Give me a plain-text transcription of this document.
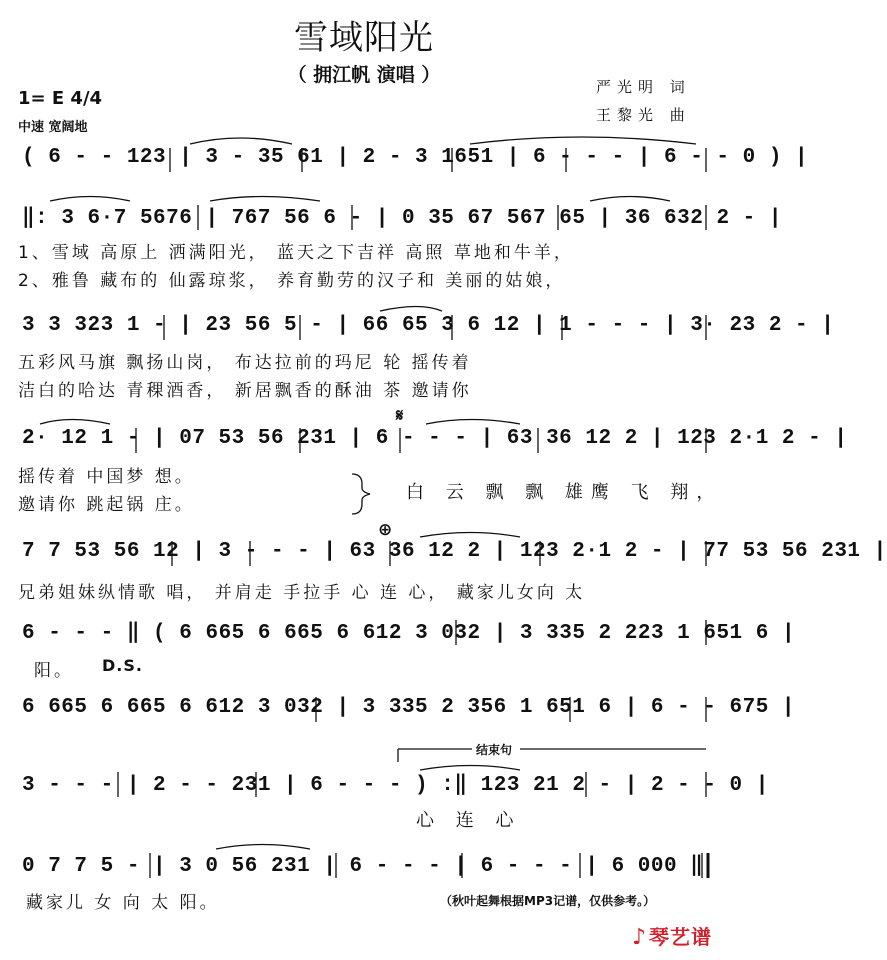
雪域阳光
（ 拥江帆 演唱 ）
严光明 词
王黎光 曲
1= E 4/4
中速 宽阔地
( 6 - - 123 | 3 - 35 61 | 2 - 3 1651 | 6 - - - | 6 - - 0 ) |
‖: 3 6·7 5676 | 767 56 6 - | 0 35 67 567 65 | 36 632 2 - |
1、雪域 高原上 洒满阳光， 蓝天之下吉祥 高照 草地和牛羊，
2、雅鲁 藏布的 仙露琼浆， 养育勤劳的汉子和 美丽的姑娘，
3 3 323 1 - | 23 56 5 - | 66 65 3 6 12 | 1 - - - | 3· 23 2 - |
五彩风马旗 飘扬山岗， 布达拉前的玛尼 轮 摇传着
洁白的哈达 青稞酒香， 新居飘香的酥油 茶 邀请你
𝄋
2· 12 1 - | 07 53 56 231 | 6 - - - | 63 36 12 2 | 123 2·1 2 - |
摇传着 中国梦 想。
邀请你 跳起锅 庄。
白 云 飘 飘 雄鹰 飞 翔，
⊕
7 7 53 56 12 | 3 - - - | 63 36 12 2 | 123 2·1 2 - | 77 53 56 231 |
兄弟姐妹纵情歌 唱， 并肩走 手拉手 心 连 心， 藏家儿女向 太
6 - - - ‖ ( 6 665 6 665 6 612 3 032 | 3 335 2 223 1 651 6 |
阳。 D.S.
6 665 6 665 6 612 3 032 | 3 335 2 356 1 651 6 | 6 - - 675 |
结束句
3 - - - | 2 - - 231 | 6 - - - ) :‖ 123 21 2 - | 2 - - 0 |
心 连 心
0 7 7 5 - | 3 0 56 231 | 6 - - - | 6 - - - | 6 000 ‖
藏家儿 女 向 太 阳。	（秋叶起舞根据MP3记谱，仅供参考。）
♪ 琴艺谱
